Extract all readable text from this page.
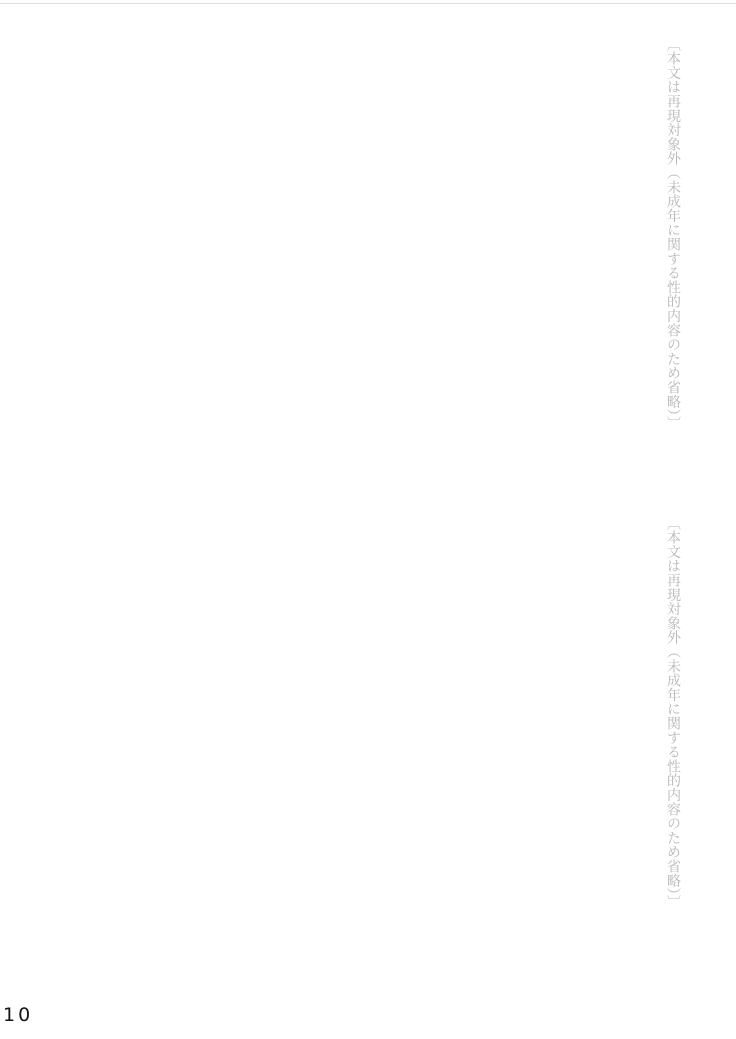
〔本文は再現対象外（未成年に関する性的内容のため省略）〕
〔本文は再現対象外（未成年に関する性的内容のため省略）〕
10
